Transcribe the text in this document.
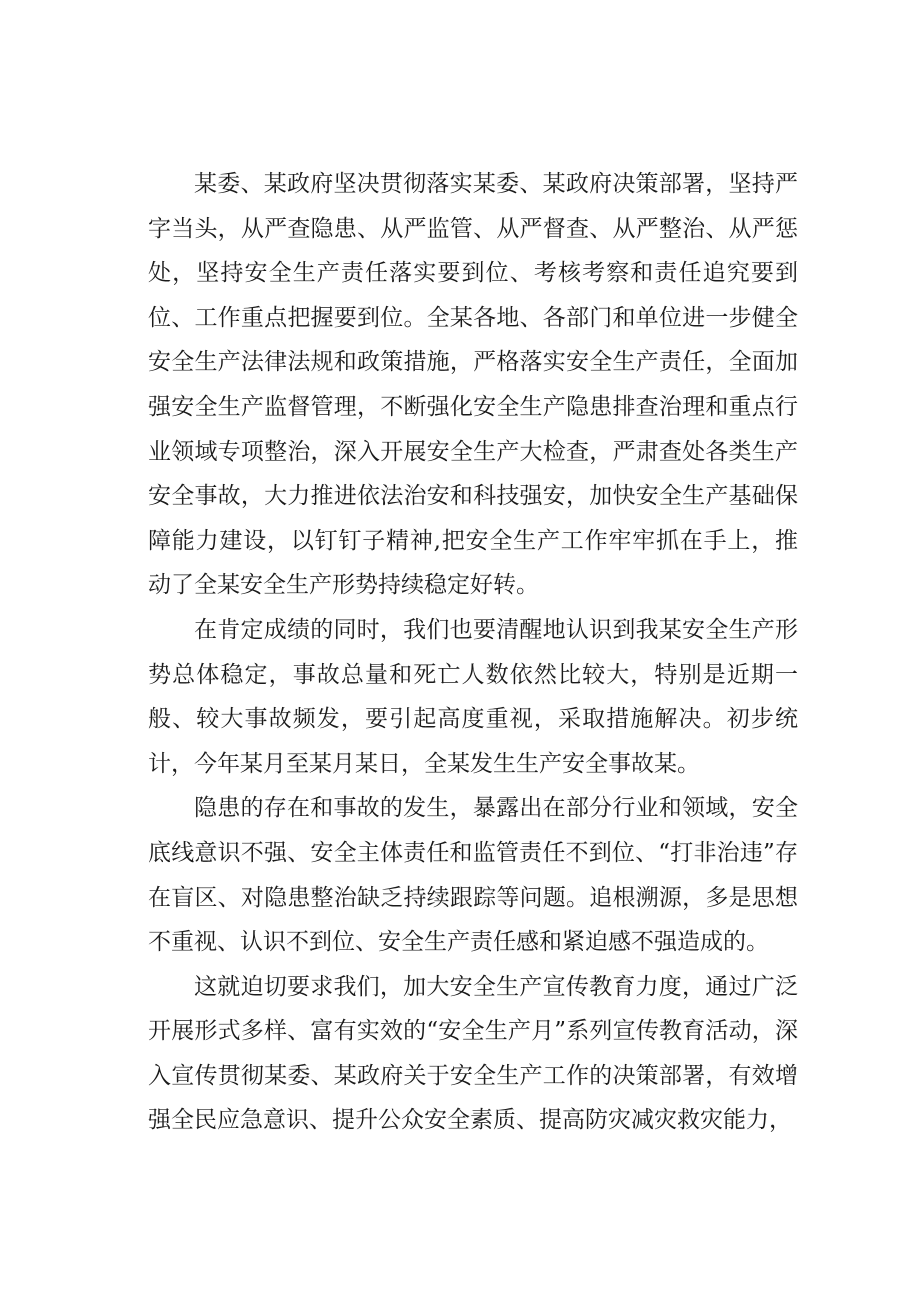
某委、某政府坚决贯彻落实某委、某政府决策部署，坚持严字当头，从严查隐患、从严监管、从严督查、从严整治、从严惩处，坚持安全生产责任落实要到位、考核考察和责任追究要到位、工作重点把握要到位。全某各地、各部门和单位进一步健全安全生产法律法规和政策措施，严格落实安全生产责任，全面加强安全生产监督管理，不断强化安全生产隐患排查治理和重点行业领域专项整治，深入开展安全生产大检查，严肃查处各类生产安全事故，大力推进依法治安和科技强安，加快安全生产基础保障能力建设，以钉钉子精神,把安全生产工作牢牢抓在手上，推动了全某安全生产形势持续稳定好转。

在肯定成绩的同时，我们也要清醒地认识到我某安全生产形势总体稳定，事故总量和死亡人数依然比较大，特别是近期一般、较大事故频发，要引起高度重视，采取措施解决。初步统计，今年某月至某月某日，全某发生生产安全事故某。

隐患的存在和事故的发生，暴露出在部分行业和领域，安全底线意识不强、安全主体责任和监管责任不到位、“打非治违”存在盲区、对隐患整治缺乏持续跟踪等问题。追根溯源，多是思想不重视、认识不到位、安全生产责任感和紧迫感不强造成的。

这就迫切要求我们，加大安全生产宣传教育力度，通过广泛开展形式多样、富有实效的“安全生产月”系列宣传教育活动，深入宣传贯彻某委、某政府关于安全生产工作的决策部署，有效增强全民应急意识、提升公众安全素质、提高防灾减灾救灾能力，
